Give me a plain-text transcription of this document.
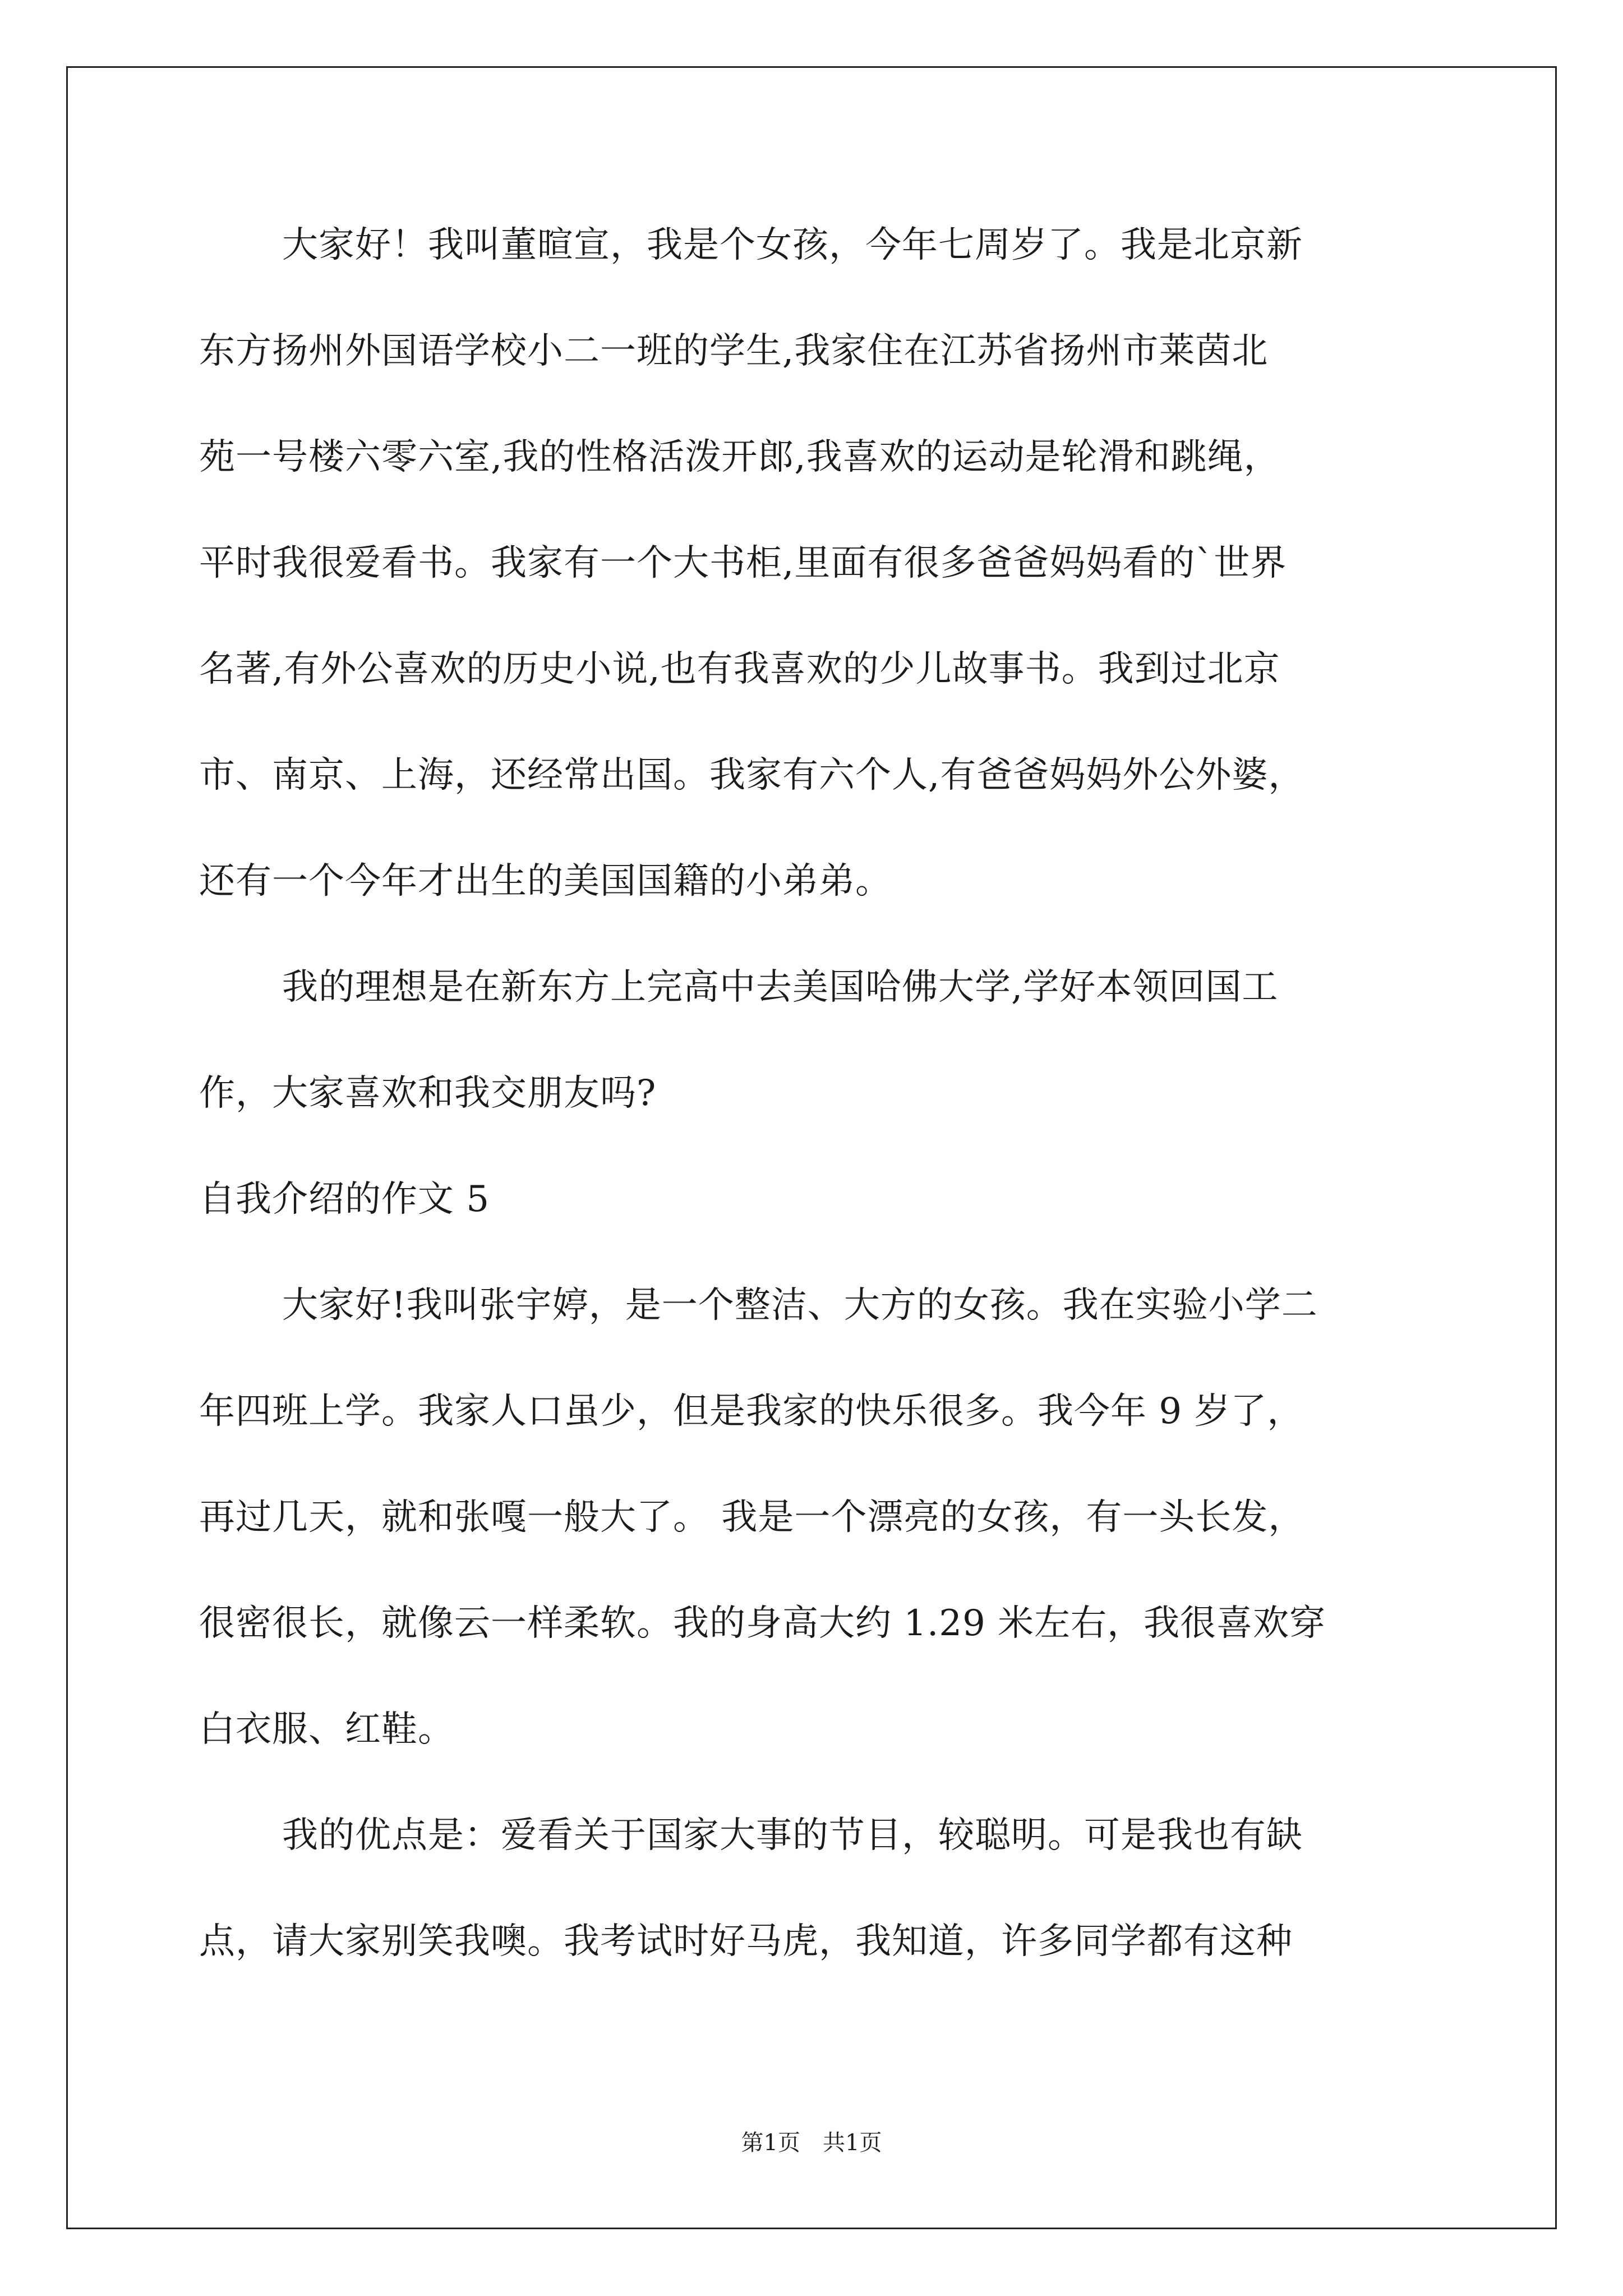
大家好！我叫董暄宣，我是个女孩，今年七周岁了。我是北京新
东方扬州外国语学校小二一班的学生,我家住在江苏省扬州市莱茵北
苑一号楼六零六室,我的性格活泼开郎,我喜欢的运动是轮滑和跳绳，
平时我很爱看书。我家有一个大书柜,里面有很多爸爸妈妈看的`世界
名著,有外公喜欢的历史小说,也有我喜欢的少儿故事书。我到过北京
市、南京、上海，还经常出国。我家有六个人,有爸爸妈妈外公外婆，
还有一个今年才出生的美国国籍的小弟弟。
我的理想是在新东方上完高中去美国哈佛大学,学好本领回国工
作，大家喜欢和我交朋友吗?
自我介绍的作文 5
大家好!我叫张宇婷，是一个整洁、大方的女孩。我在实验小学二
年四班上学。我家人口虽少，但是我家的快乐很多。我今年 9 岁了，
再过几天，就和张嘎一般大了。 我是一个漂亮的女孩，有一头长发，
很密很长，就像云一样柔软。我的身高大约 1.29 米左右，我很喜欢穿
白衣服、红鞋。
我的优点是：爱看关于国家大事的节目，较聪明。可是我也有缺
点，请大家别笑我噢。我考试时好马虎，我知道，许多同学都有这种
第1页　共1页
